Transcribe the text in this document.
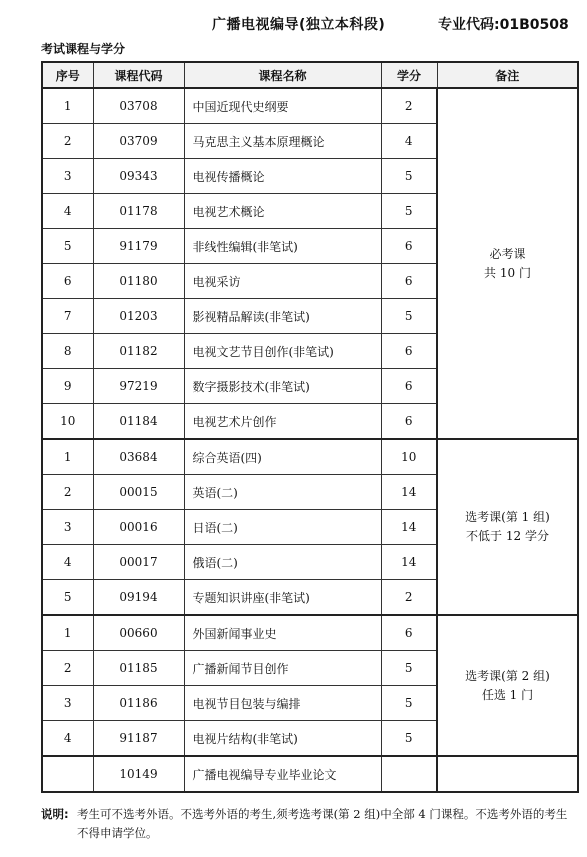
广播电视编导(独立本科段)	专业代码:01B0508
考试课程与学分
序号	课程代码	课程名称	学分	备注
1	03708	中国近现代史纲要	2	必考课
共 10 门

2	03709	马克思主义基本原理概论	4	
3	09343	电视传播概论	5	
4	01178	电视艺术概论	5	
5	91179	非线性编辑(非笔试)	6	
6	01180	电视采访	6	
7	01203	影视精品解读(非笔试)	5	
8	01182	电视文艺节目创作(非笔试)	6	
9	97219	数字摄影技术(非笔试)	6	
10	01184	电视艺术片创作	6	
1	03684	综合英语(四)	10	选考课(第 1 组)
不低于 12 学分

2	00015	英语(二)	14	
3	00016	日语(二)	14	
4	00017	俄语(二)	14	
5	09194	专题知识讲座(非笔试)	2	
1	00660	外国新闻事业史	6	选考课(第 2 组)
任选 1 门

2	01185	广播新闻节目创作	5	
3	01186	电视节目包装与编排	5	
4	91187	电视片结构(非笔试)	5	
	10149	广播电视编导专业毕业论文		
说明: 考生可不选考外语。不选考外语的考生,须考选考课(第 2 组)中全部 4 门课程。不选考外语的考生不得申请学位。
